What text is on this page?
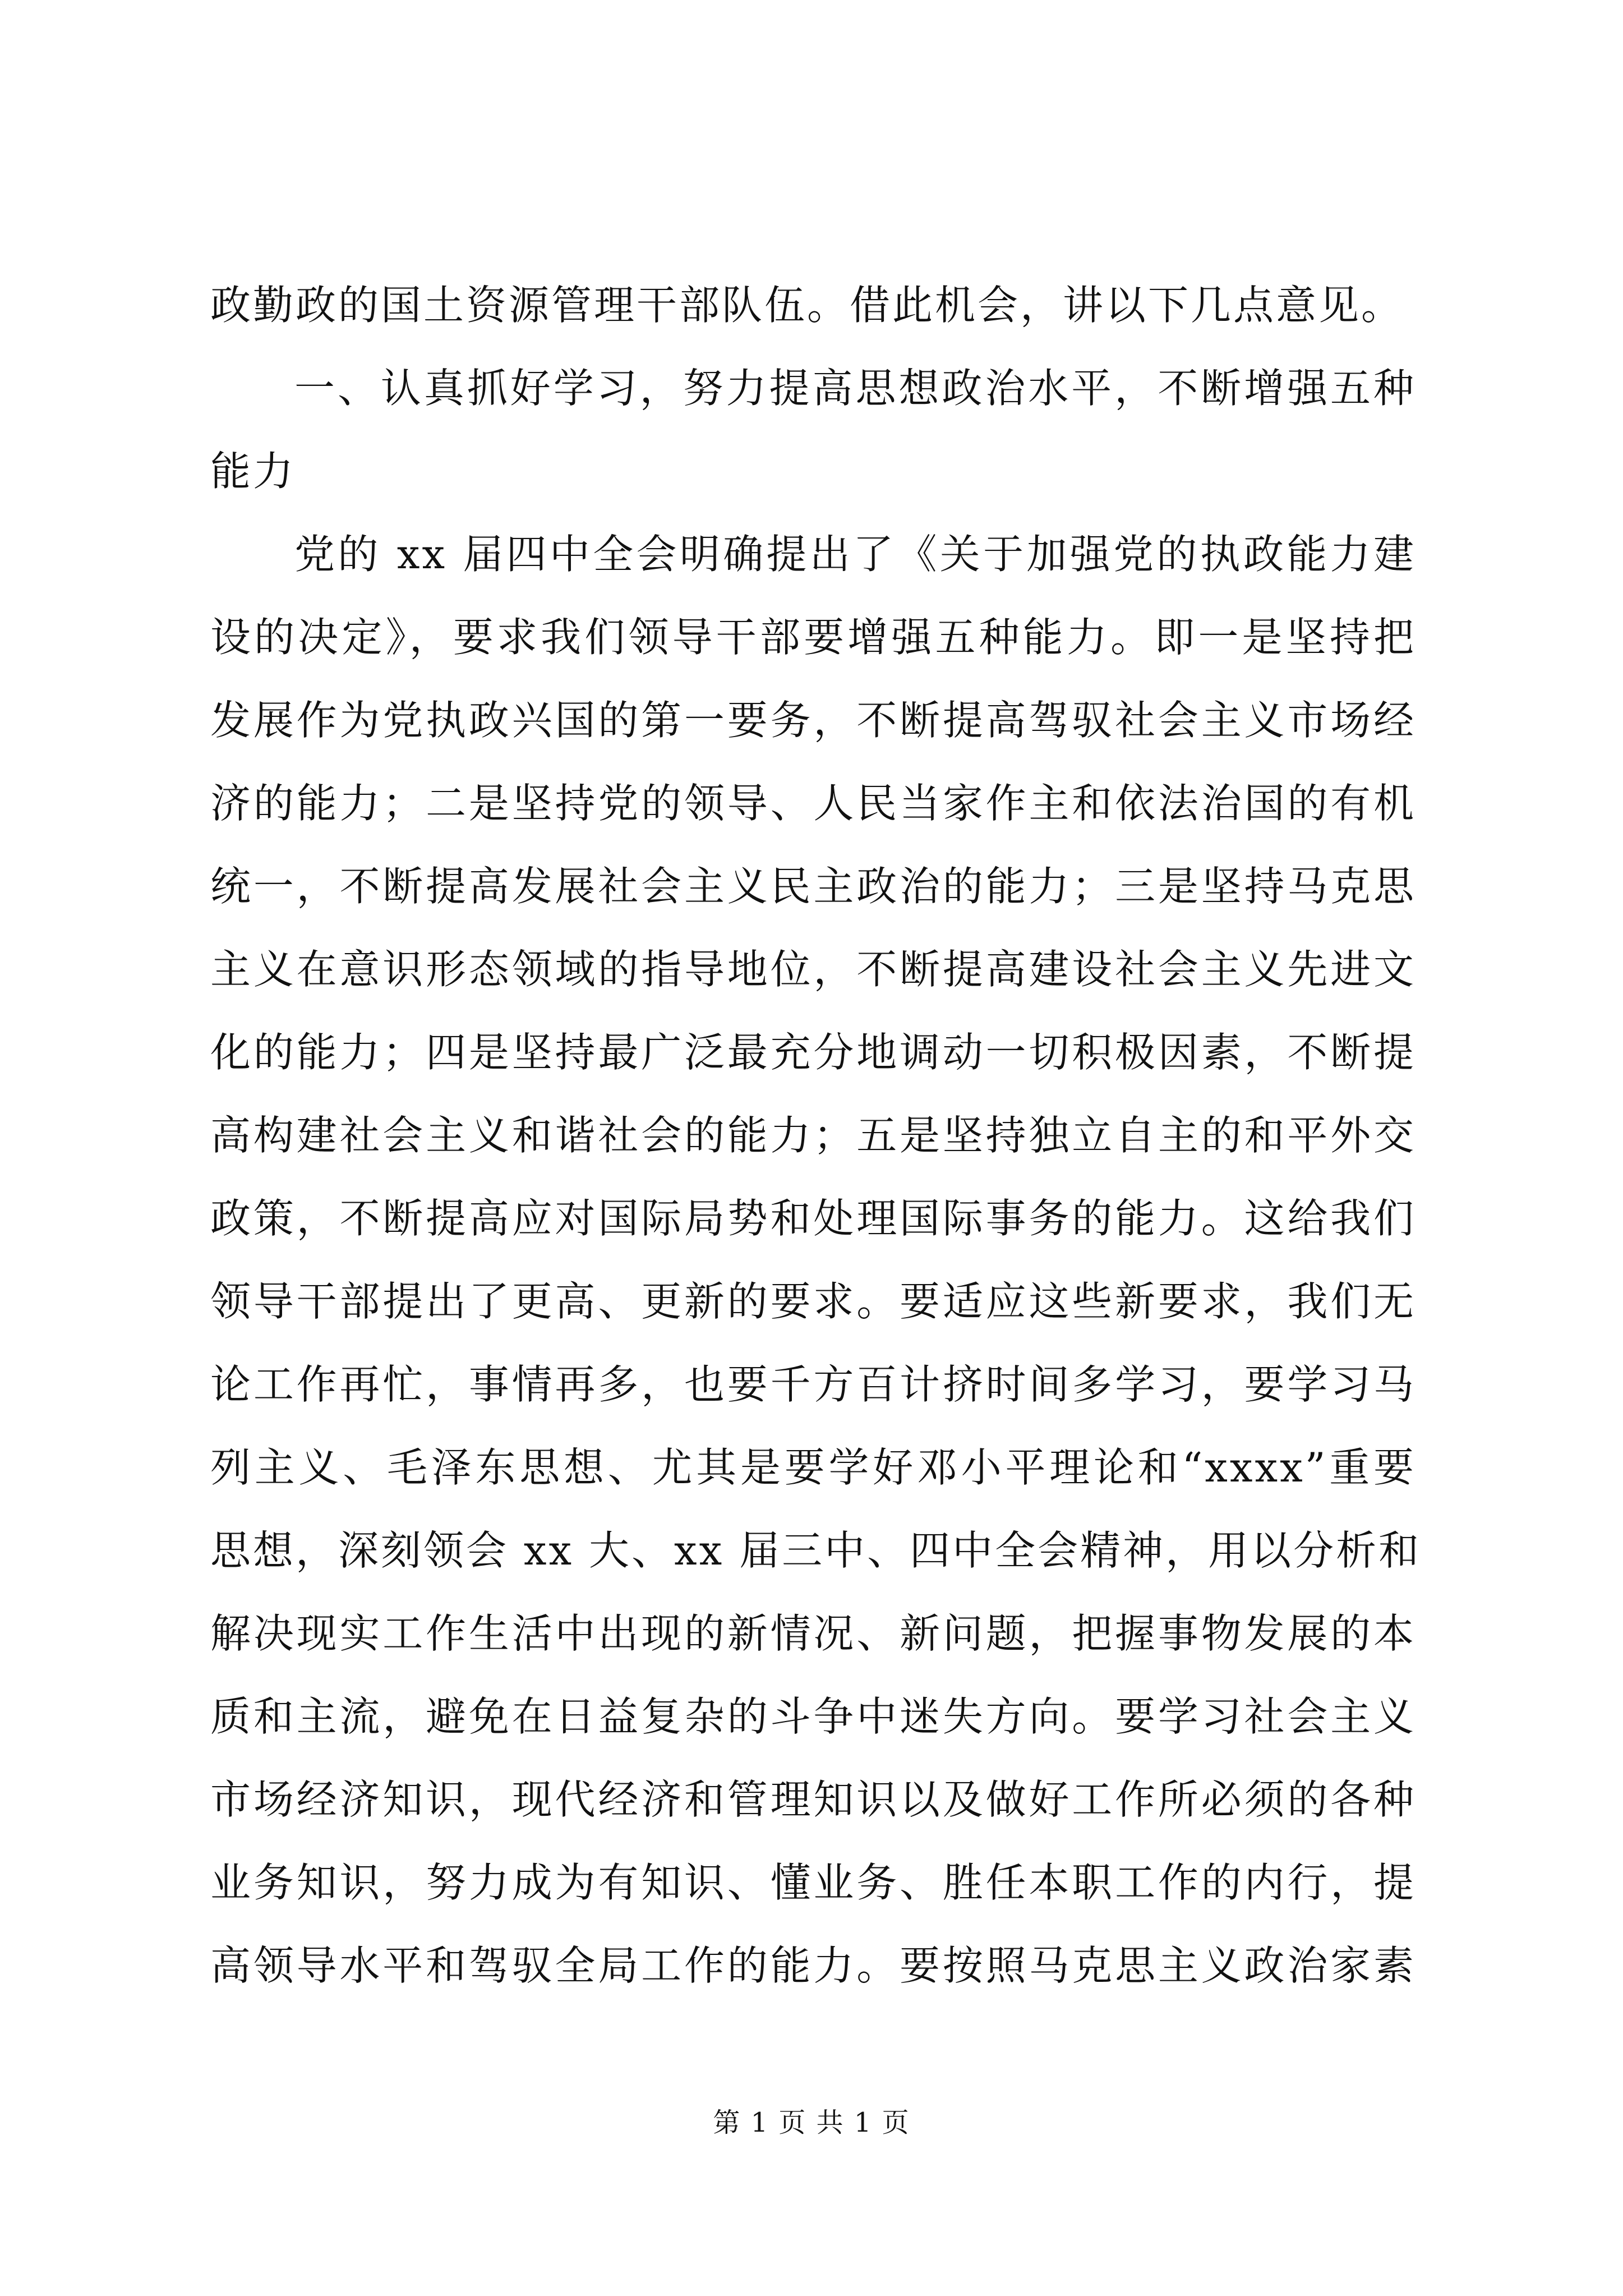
政勤政的国土资源管理干部队伍。借此机会，讲以下几点意见。
一、认真抓好学习，努力提高思想政治水平，不断增强五种
能力
党的 xx 届四中全会明确提出了《关于加强党的执政能力建
设的决定》，要求我们领导干部要增强五种能力。即一是坚持把
发展作为党执政兴国的第一要务，不断提高驾驭社会主义市场经
济的能力；二是坚持党的领导、人民当家作主和依法治国的有机
统一，不断提高发展社会主义民主政治的能力；三是坚持马克思
主义在意识形态领域的指导地位，不断提高建设社会主义先进文
化的能力；四是坚持最广泛最充分地调动一切积极因素，不断提
高构建社会主义和谐社会的能力；五是坚持独立自主的和平外交
政策，不断提高应对国际局势和处理国际事务的能力。这给我们
领导干部提出了更高、更新的要求。要适应这些新要求，我们无
论工作再忙，事情再多，也要千方百计挤时间多学习，要学习马
列主义、毛泽东思想、尤其是要学好邓小平理论和“xxxx”重要
思想，深刻领会 xx 大、xx 届三中、四中全会精神，用以分析和
解决现实工作生活中出现的新情况、新问题，把握事物发展的本
质和主流，避免在日益复杂的斗争中迷失方向。要学习社会主义
市场经济知识，现代经济和管理知识以及做好工作所必须的各种
业务知识，努力成为有知识、懂业务、胜任本职工作的内行，提
高领导水平和驾驭全局工作的能力。要按照马克思主义政治家素
第 1 页 共 1 页
